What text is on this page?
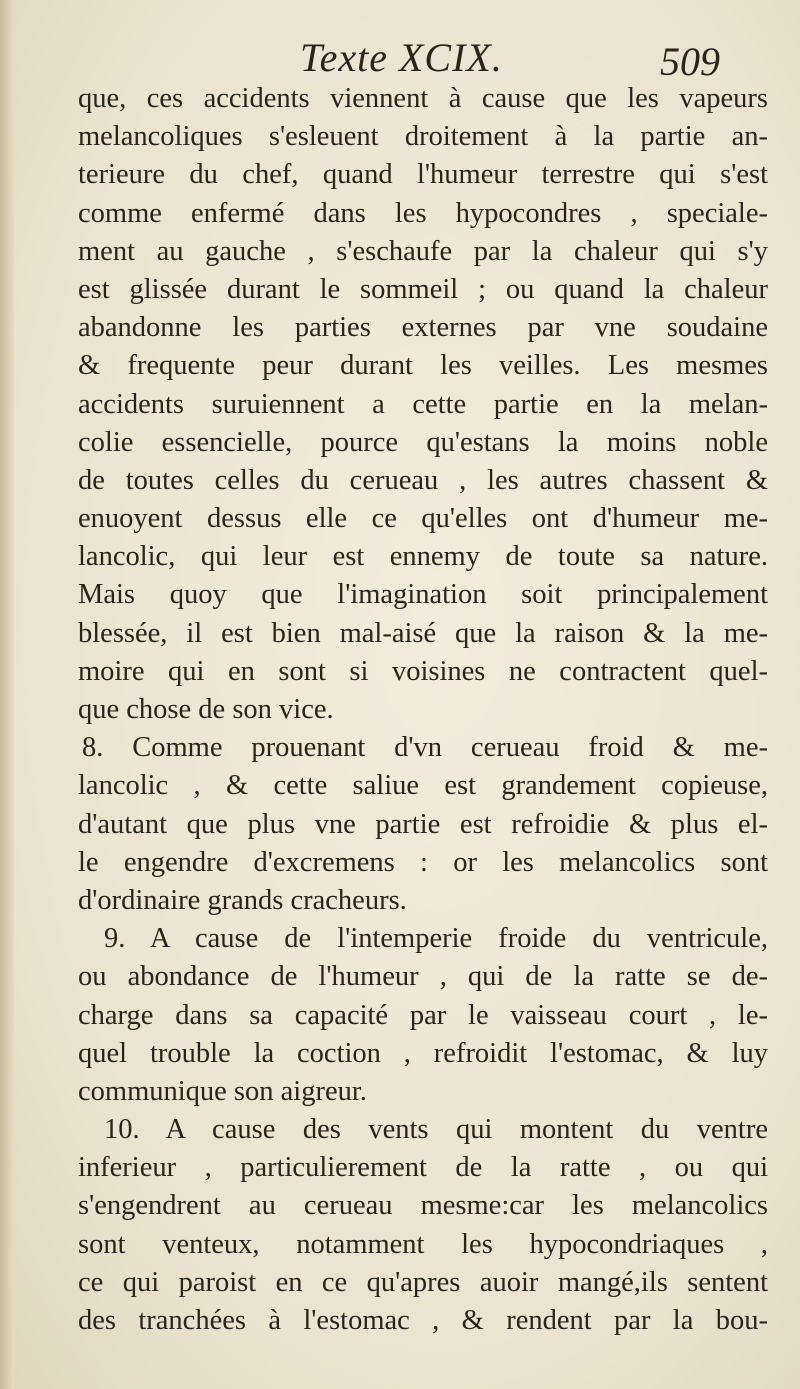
Texte XCIX.	509
que, ces accidents viennent à cause que les vapeurs
melancoliques s'esleuent droitement à la partie an-
terieure du chef, quand l'humeur terrestre qui s'est
comme enfermé dans les hypocondres , speciale-
ment au gauche , s'eschaufe par la chaleur qui s'y
est glissée durant le sommeil ; ou quand la chaleur
abandonne les parties externes par vne soudaine
& frequente peur durant les veilles. Les mesmes
accidents suruiennent a cette partie en la melan-
colie essencielle, pource qu'estans la moins noble
de toutes celles du cerueau , les autres chassent &
enuoyent dessus elle ce qu'elles ont d'humeur me-
lancolic, qui leur est ennemy de toute sa nature.
Mais quoy que l'imagination soit principalement
blessée, il est bien mal-aisé que la raison & la me-
moire qui en sont si voisines ne contractent quel-
que chose de son vice.
8. Comme prouenant d'vn cerueau froid & me-
lancolic , & cette saliue est grandement copieuse,
d'autant que plus vne partie est refroidie & plus el-
le engendre d'excremens : or les melancolics sont
d'ordinaire grands cracheurs.
9. A cause de l'intemperie froide du ventricule,
ou abondance de l'humeur , qui de la ratte se de-
charge dans sa capacité par le vaisseau court , le-
quel trouble la coction , refroidit l'estomac, & luy
communique son aigreur.
10. A cause des vents qui montent du ventre
inferieur , particulierement de la ratte , ou qui
s'engendrent au cerueau mesme:car les melancolics
sont venteux, notamment les hypocondriaques ,
ce qui paroist en ce qu'apres auoir mangé,ils sentent
des tranchées à l'estomac , & rendent par la bou-
